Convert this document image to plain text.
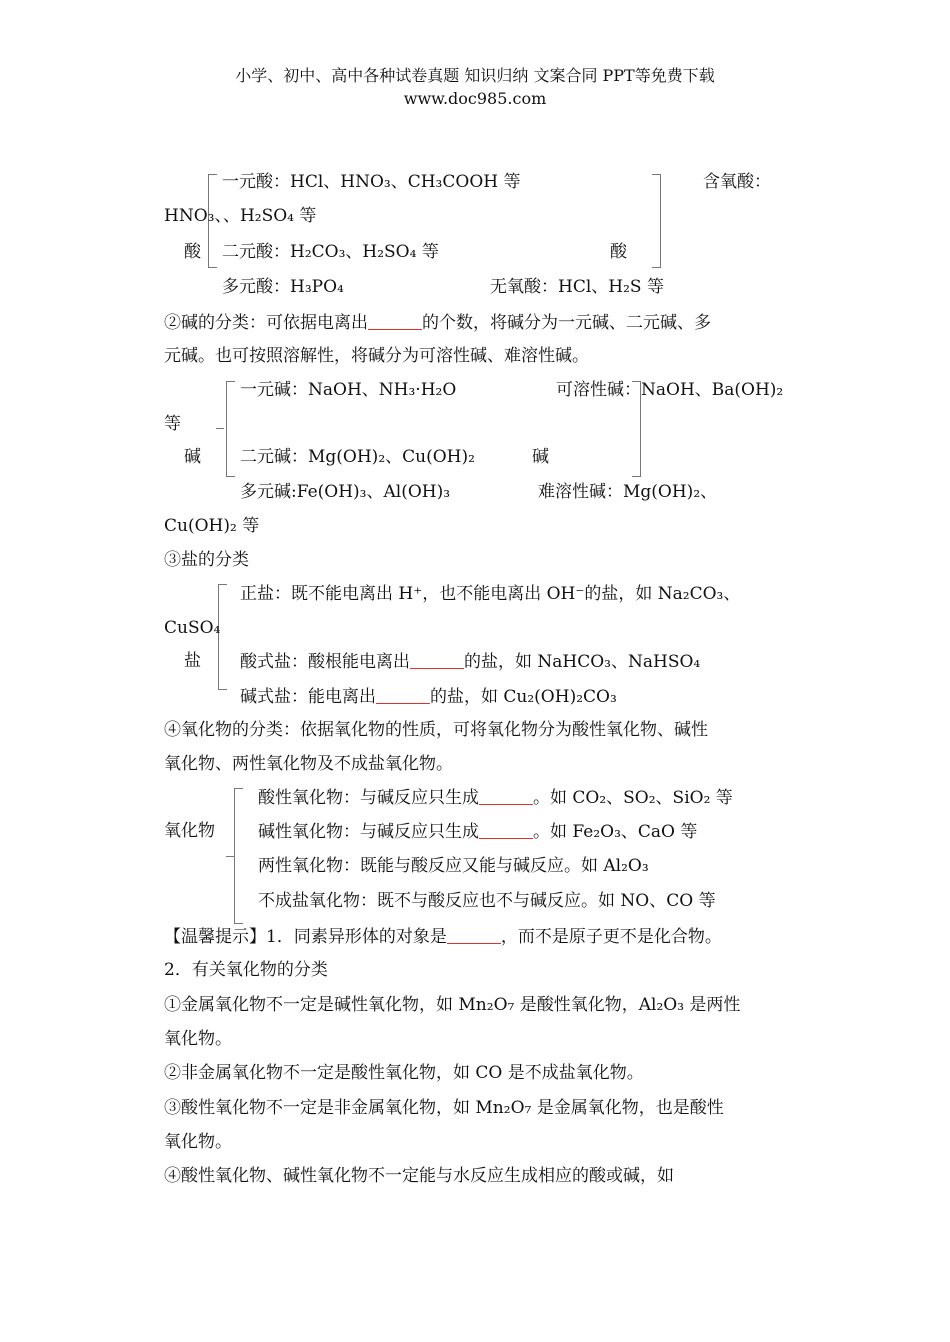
小学、初中、高中各种试卷真题 知识归纳 文案合同 PPT等免费下载
www.doc985.com
一元酸：HCl、HNO₃、CH₃COOH 等	含氧酸：
HNO₃、、H₂SO₄ 等
酸 二元酸：H₂CO₃、H₂SO₄ 等	酸
多元酸：H₃PO₄	无氧酸：HCl、H₂S 等
②碱的分类：可依据电离出	的个数，将碱分为一元碱、二元碱、多
元碱。也可按照溶解性，将碱分为可溶性碱、难溶性碱。
一元碱：NaOH、NH₃·H₂O	可溶性碱：NaOH、Ba(OH)₂
等
碱 二元碱：Mg(OH)₂、Cu(OH)₂	碱
多元碱:Fe(OH)₃、Al(OH)₃	难溶性碱：Mg(OH)₂、
Cu(OH)₂ 等
③盐的分类
正盐：既不能电离出 H⁺，也不能电离出 OH⁻的盐，如 Na₂CO₃、
CuSO₄
盐 酸式盐：酸根能电离出	的盐，如 NaHCO₃、NaHSO₄
碱式盐：能电离出	的盐，如 Cu₂(OH)₂CO₃
④氧化物的分类：依据氧化物的性质，可将氧化物分为酸性氧化物、碱性
氧化物、两性氧化物及不成盐氧化物。
酸性氧化物：与碱反应只生成	。如 CO₂、SO₂、SiO₂ 等
氧化物	碱性氧化物：与碱反应只生成	。如 Fe₂O₃、CaO 等
两性氧化物：既能与酸反应又能与碱反应。如 Al₂O₃
不成盐氧化物：既不与酸反应也不与碱反应。如 NO、CO 等
【温馨提示】1．同素异形体的对象是	，而不是原子更不是化合物。
2．有关氧化物的分类
①金属氧化物不一定是碱性氧化物，如 Mn₂O₇ 是酸性氧化物，Al₂O₃ 是两性
氧化物。
②非金属氧化物不一定是酸性氧化物，如 CO 是不成盐氧化物。
③酸性氧化物不一定是非金属氧化物，如 Mn₂O₇ 是金属氧化物，也是酸性
氧化物。
④酸性氧化物、碱性氧化物不一定能与水反应生成相应的酸或碱，如
